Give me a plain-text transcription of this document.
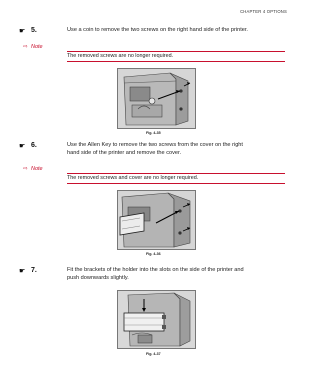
CHAPTER 4 OPTIONS
☛ 5.	Use a coin to remove the two screws on the right hand side of the printer.
⇨ Note
The removed screws are no longer required.
Fig. 4-35
☛ 6.	Use the Allen Key to remove the two screws from the cover on the right
hand side of the printer and remove the cover.
⇨ Note
The removed screws and cover are no longer required.
Fig. 4-36
☛ 7.	Fit the brackets of the holder into the slots on the side of the printer and
push downwards slightly.
Fig. 4-37
